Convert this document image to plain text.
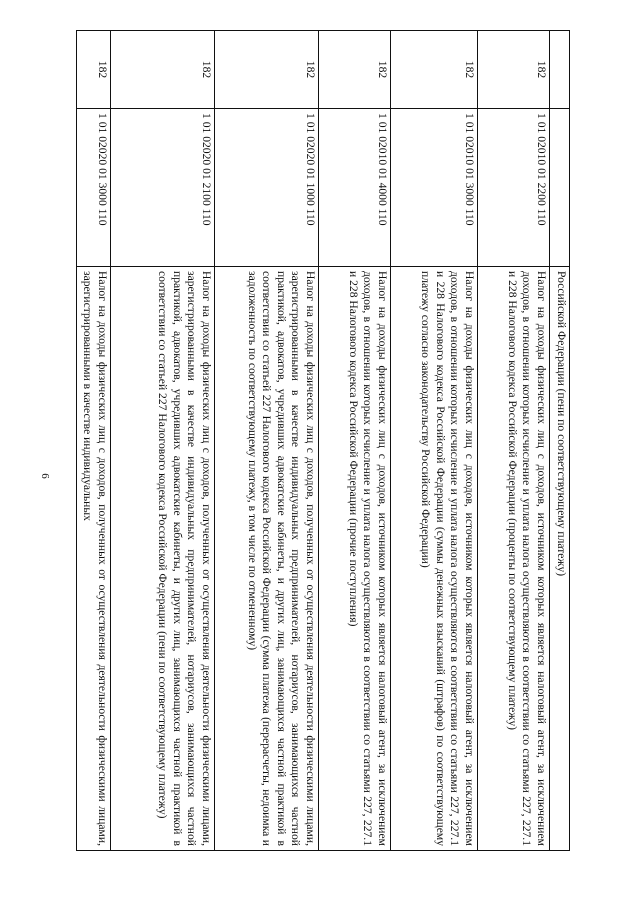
6
			Российской Федерации (пени по соответствующему платежу)
182	1 01 02010 01 2200 110	Налог на доходы физических лиц с доходов, источником которых является налоговый агент, за исключением доходов, в отношении которых исчисление и уплата налога осуществляются в соответствии со статьями 227, 227.1 и 228 Налогового кодекса Российской Федерации (проценты по соответствующему платежу)
182	1 01 02010 01 3000 110	Налог на доходы физических лиц с доходов, источником которых является налоговый агент, за исключением доходов, в отношении которых исчисление и уплата налога осуществляются в соответствии со статьями 227, 227.1 и 228 Налогового кодекса Российской Федерации (суммы денежных взысканий (штрафов) по соответствующему платежу согласно законодательству Российской Федерации)
182	1 01 02010 01 4000 110	Налог на доходы физических лиц с доходов, источником которых является налоговый агент, за исключением доходов, в отношении которых исчисление и уплата налога осуществляются в соответствии со статьями 227, 227.1 и 228 Налогового кодекса Российской Федерации (прочие поступления)
182	1 01 02020 01 1000 110	Налог на доходы физических лиц с доходов, полученных от осуществления деятельности физическими лицами, зарегистрированными в качестве индивидуальных предпринимателей, нотариусов, занимающихся частной практикой, адвокатов, учредивших адвокатские кабинеты, и других лиц, занимающихся частной практикой в соответствии со статьей 227 Налогового кодекса Российской Федерации (сумма платежа (перерасчеты, недоимка и задолженность по соответствующему платежу, в том числе по отмененному)
182	1 01 02020 01 2100 110	Налог на доходы физических лиц с доходов, полученных от осуществления деятельности физическими лицами, зарегистрированными в качестве индивидуальных предпринимателей, нотариусов, занимающихся частной практикой, адвокатов, учредивших адвокатские кабинеты, и других лиц, занимающихся частной практикой в соответствии со статьей 227 Налогового кодекса Российской Федерации (пени по соответствующему платежу)
182	1 01 02020 01 3000 110	Налог на доходы физических лиц с доходов, полученных от осуществления деятельности физическими лицами, зарегистрированными в качестве индивидуальных
